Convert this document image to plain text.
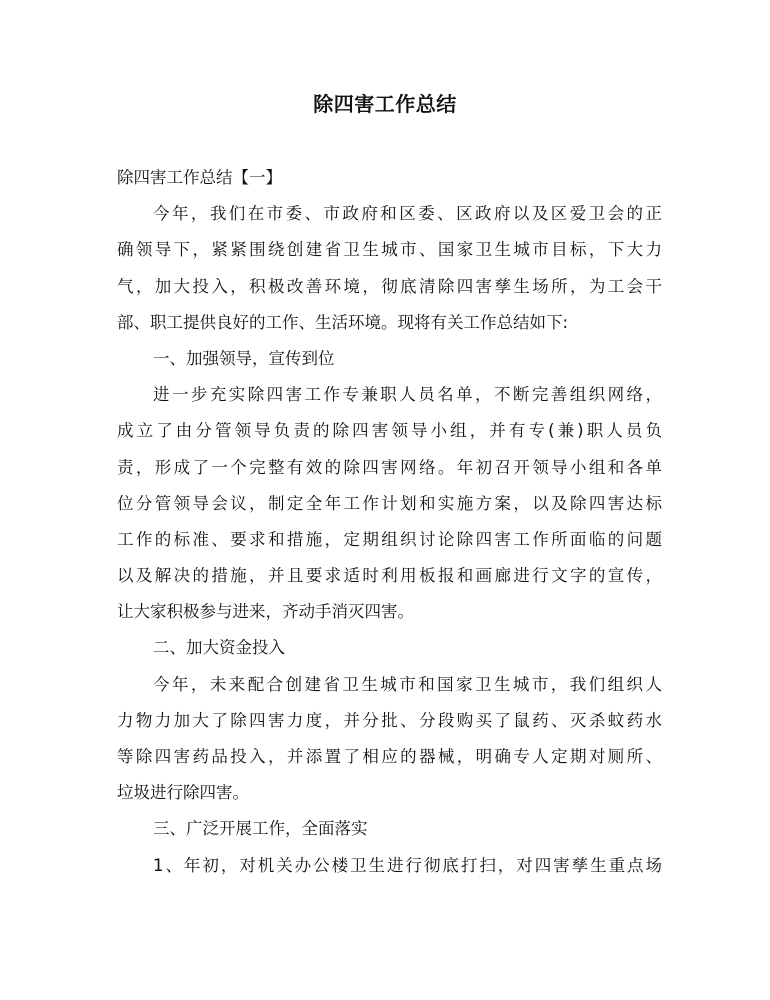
除四害工作总结
除四害工作总结【一】
今年，我们在市委、市政府和区委、区政府以及区爱卫会的正
确领导下，紧紧围绕创建省卫生城市、国家卫生城市目标，下大力
气，加大投入，积极改善环境，彻底清除四害孳生场所，为工会干
部、职工提供良好的工作、生活环境。现将有关工作总结如下:
一、加强领导，宣传到位
进一步充实除四害工作专兼职人员名单，不断完善组织网络，
成立了由分管领导负责的除四害领导小组，并有专(兼)职人员负
责，形成了一个完整有效的除四害网络。年初召开领导小组和各单
位分管领导会议，制定全年工作计划和实施方案，以及除四害达标
工作的标准、要求和措施，定期组织讨论除四害工作所面临的问题
以及解决的措施，并且要求适时利用板报和画廊进行文字的宣传，
让大家积极参与进来，齐动手消灭四害。
二、加大资金投入
今年，未来配合创建省卫生城市和国家卫生城市，我们组织人
力物力加大了除四害力度，并分批、分段购买了鼠药、灭杀蚊药水
等除四害药品投入，并添置了相应的器械，明确专人定期对厕所、
垃圾进行除四害。
三、广泛开展工作，全面落实
1、年初，对机关办公楼卫生进行彻底打扫，对四害孳生重点场
